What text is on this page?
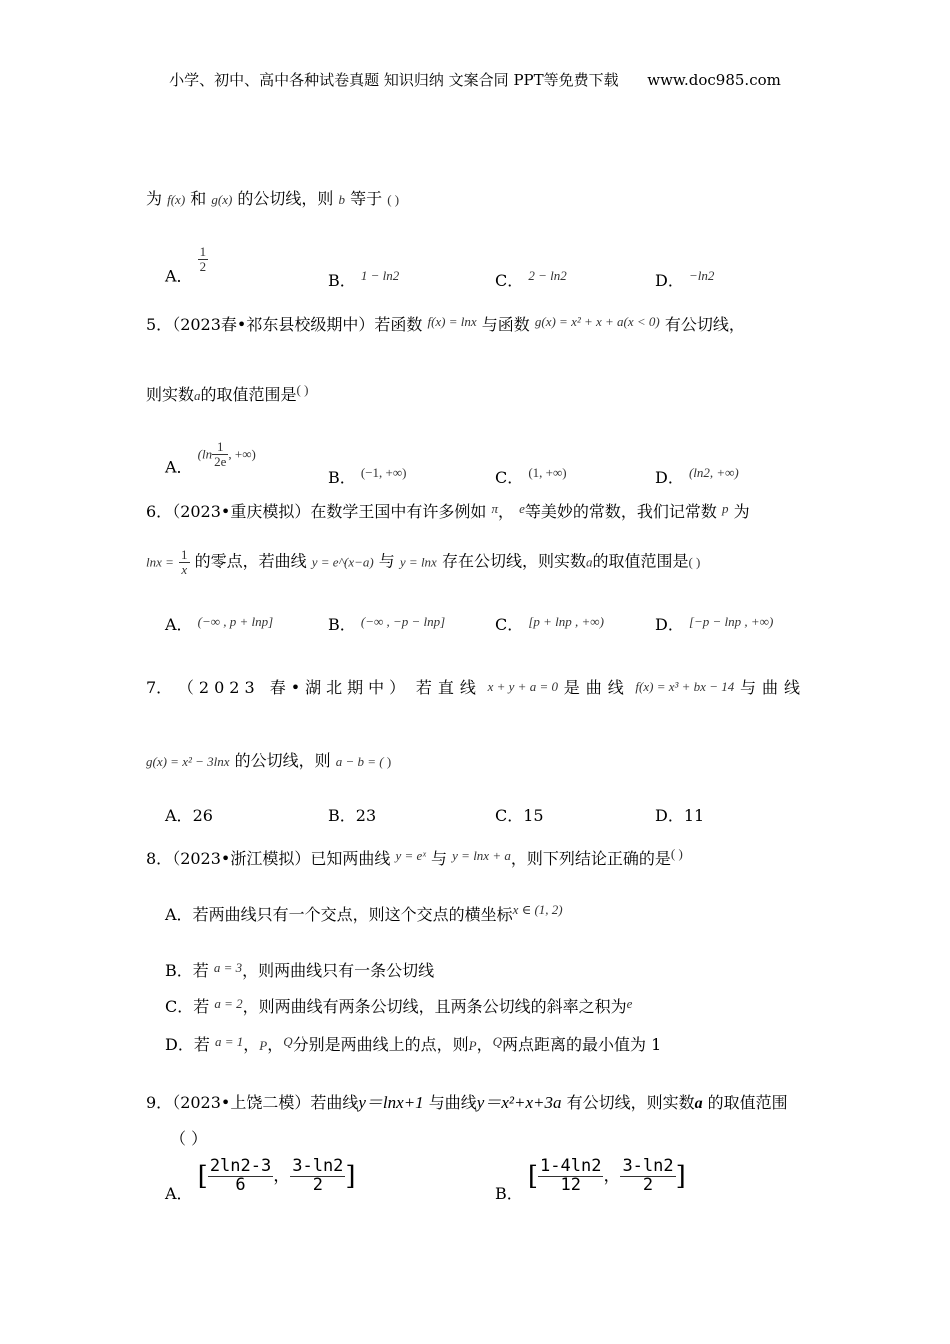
小学、初中、高中各种试卷真题 知识归纳 文案合同 PPT等免费下载 www.doc985.com
为 f(x) 和 g(x) 的公切线，则 b 等于 ( )
A．
$\frac{1}{2}$
B． $^{1 - ln2}$	C． $^{2 - ln2}$	D． $^{-ln2}$
5．（2023春•祁东县校级期中）若函数 $^{f(x) = lnx}$ 与函数 $^{g(x) = x^2 + x + a(x < 0)}$ 有公切线，
则实数a的取值范围是( )
A． ($\ln \frac{1}{2e}$ , +∞)
B． $^{(-1, +\infty)}$	C． $^{(1, +\infty)}$	D． $^{(ln2, +\infty)}$
6．（2023•重庆模拟）在数学王国中有许多例如 $^\pi$， $^e$等美妙的常数，我们记常数 $^p$ 为
$\ln x = \frac{1}{x}$ 的零点，若曲线 y = e^(x−a) 与 y = lnx 存在公切线，则实数a的取值范围是( )
A． $^{(-\infty , p + lnp]}$	B． $^{(-\infty , -p - lnp]}$	C． $^{[p + lnp , +\infty)}$	D． $^{[-p - lnp , +\infty)}$
7． （2023 春•湖北期中） 若直线 x + y + a = 0 是曲线 f(x) = x³ + bx − 14 与曲线
g(x) = x² − 3lnx 的公切线，则 a − b = ( )
A．26	B．23	C．15	D．11
8．（2023•浙江模拟）已知两曲线 $^{y = eˣ}$ 与 $^{y = lnx + a}$，则下列结论正确的是( )
A．若两曲线只有一个交点，则这个交点的横坐标$^{x \in (1, 2)}$
B．若 $^{a = 3}$，则两曲线只有一条公切线
C．若 $^{a = 2}$，则两曲线有两条公切线，且两条公切线的斜率之积为$^e$
D．若 $^{a = 1}$，P，$^Q$分别是两曲线上的点，则P，$^Q$两点距离的最小值为 1
9．（2023•上饶二模）若曲线y＝lnx+1 与曲线y＝x²+x+3a 有公切线，则实数a 的取值范围
（ ）
A． [ $\frac{2\ln 2-3}{6}$ ， $\frac{3-\ln 2}{2}$ ]
B． [ $\frac{1-4\ln 2}{12}$ ， $\frac{3-\ln 2}{2}$ ]
